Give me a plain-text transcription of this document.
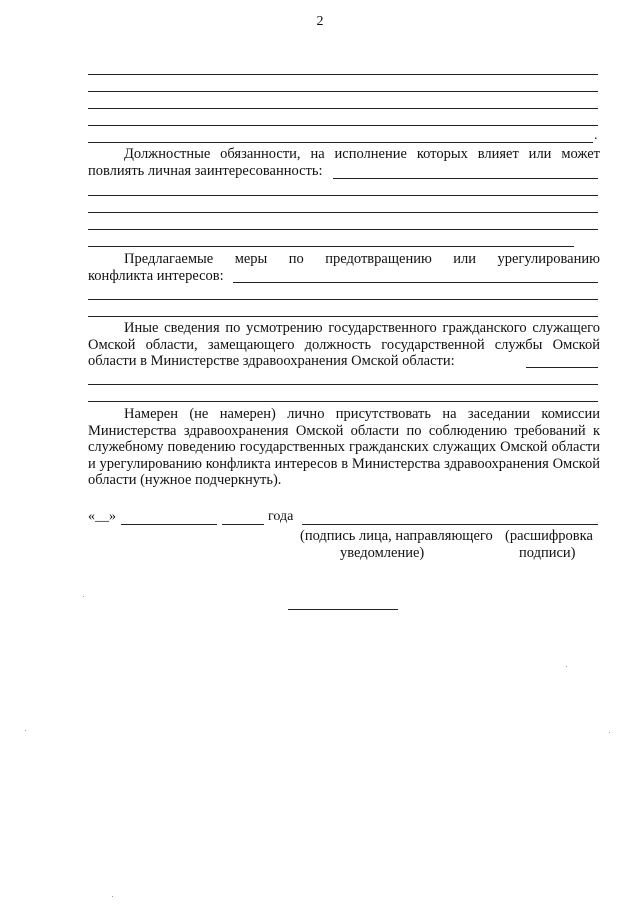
2
.
Должностные обязанности, на исполнение которых влияет или может повлиять личная заинтересованность:
Предлагаемые меры по предотвращению или урегулированию
конфликта интересов:
Иные сведения по усмотрению государственного гражданского служащего Омской области, замещающего должность государственной службы Омской области в Министерстве здравоохранения Омской области:
Намерен (не намерен) лично присутствовать на заседании комиссии Министерства здравоохранения Омской области по соблюдению требований к служебному поведению государственных гражданских служащих Омской области и урегулированию конфликта интересов в Министерства здравоохранения Омской области (нужное подчеркнуть).
«__»	года
(подпись лица, направляющего
уведомление)
(расшифровка
подписи)
